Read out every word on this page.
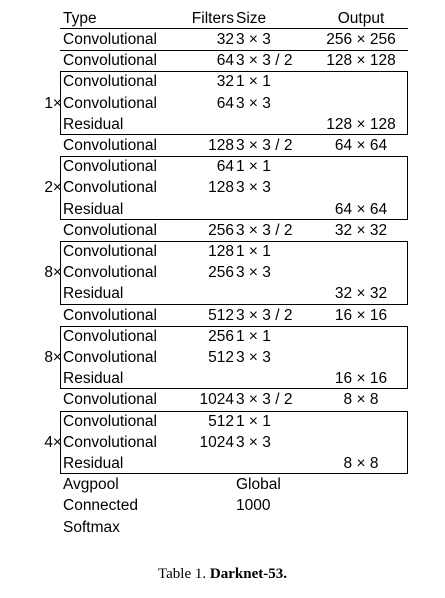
Type	Filters Size	Output
Convolutional	32 3 × 3	256 × 256
Convolutional	64 3 × 3 / 2	128 × 128
Convolutional	32 1 × 1
1× Convolutional	64 3 × 3
Residual	128 × 128
Convolutional	128 3 × 3 / 2	64 × 64
Convolutional	64 1 × 1
2× Convolutional	128 3 × 3
Residual	64 × 64
Convolutional	256 3 × 3 / 2	32 × 32
Convolutional	128 1 × 1
8× Convolutional	256 3 × 3
Residual	32 × 32
Convolutional	512 3 × 3 / 2	16 × 16
Convolutional	256 1 × 1
8× Convolutional	512 3 × 3
Residual	16 × 16
Convolutional	1024 3 × 3 / 2	8 × 8
Convolutional	512 1 × 1
4× Convolutional	1024 3 × 3
Residual	8 × 8
Avgpool	Global
Connected	1000
Softmax
Table 1. Darknet-53.
